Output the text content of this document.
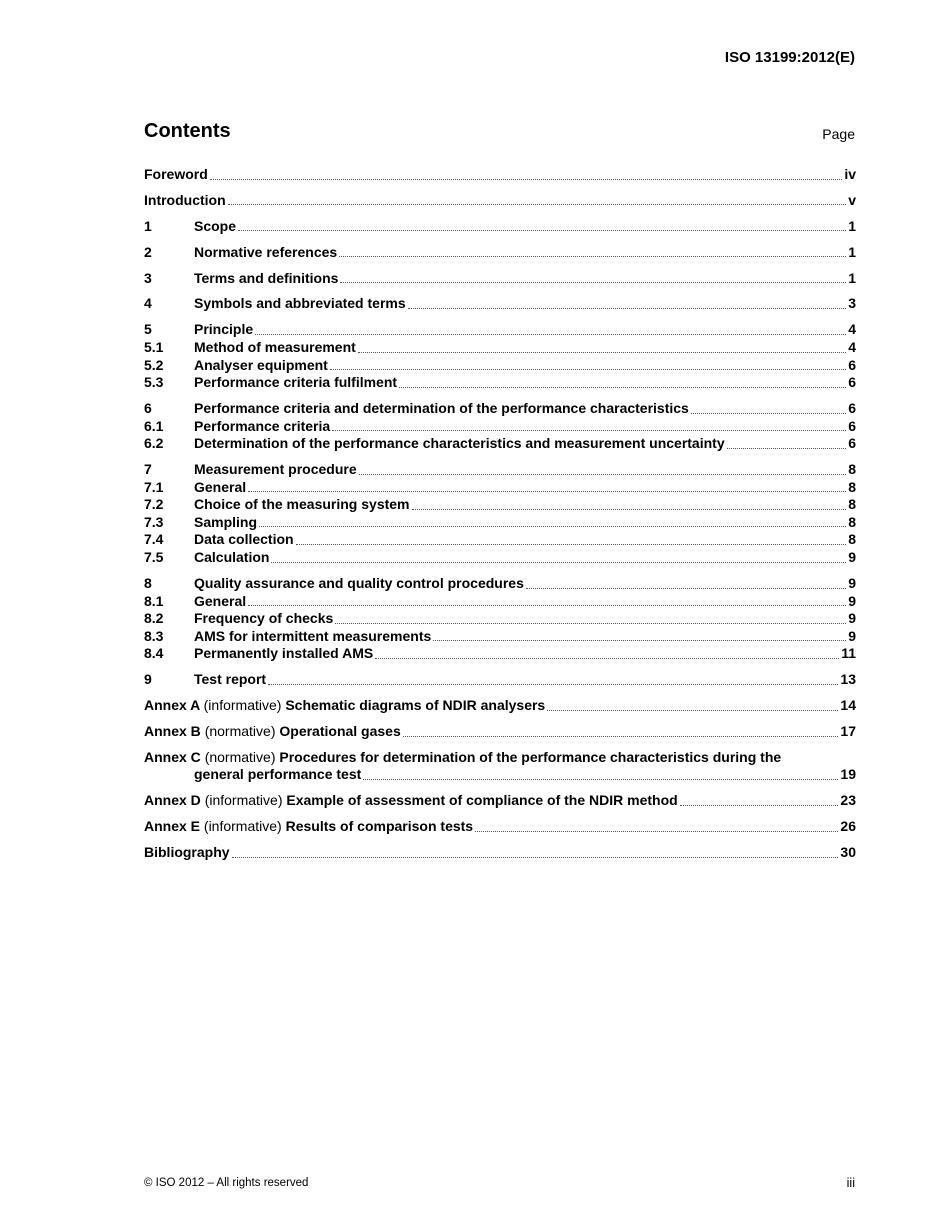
ISO 13199:2012(E)
Contents	Page
Foreword	iv
Introduction	v
1	Scope	1
2	Normative references	1
3	Terms and definitions	1
4	Symbols and abbreviated terms	3
5	Principle	4
5.1 Method of measurement	4
5.2 Analyser equipment	6
5.3 Performance criteria fulfilment	6
6	Performance criteria and determination of the performance characteristics	6
6.1 Performance criteria	6
6.2 Determination of the performance characteristics and measurement uncertainty	6
7	Measurement procedure	8
7.1 General	8
7.2 Choice of the measuring system	8
7.3 Sampling	8
7.4 Data collection	8
7.5 Calculation	9
8	Quality assurance and quality control procedures	9
8.1 General	9
8.2 Frequency of checks	9
8.3 AMS for intermittent measurements	9
8.4 Permanently installed AMS	11
9	Test report	13
Annex A (informative) Schematic diagrams of NDIR analysers	14
Annex B (normative) Operational gases	17
Annex C (normative) Procedures for determination of the performance characteristics during the
general performance test	19
Annex D (informative) Example of assessment of compliance of the NDIR method	23
Annex E (informative) Results of comparison tests	26
Bibliography	30
© ISO 2012 – All rights reserved	iii
